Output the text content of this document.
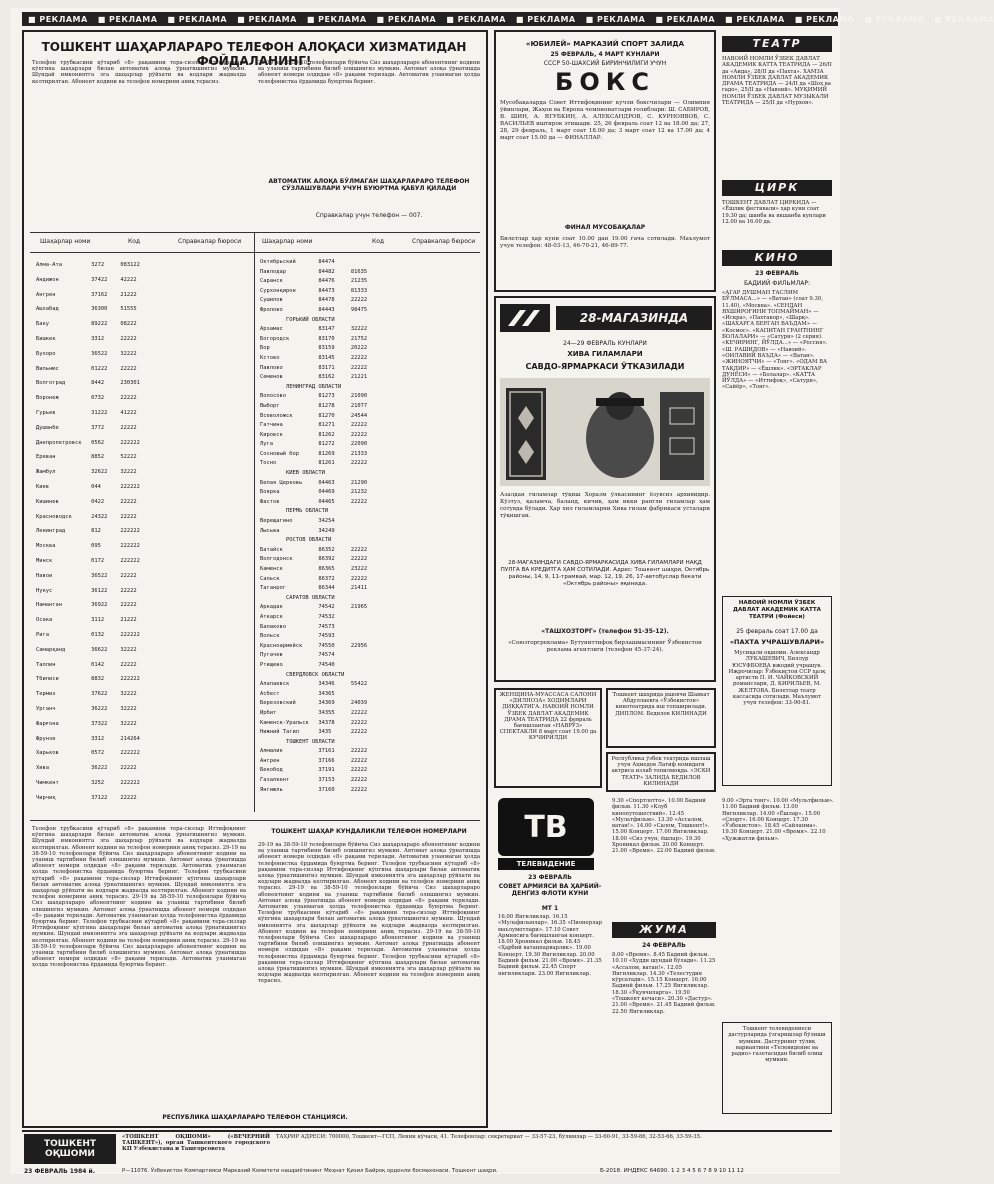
■ РЕКЛАМА ■ РЕКЛАМА ■ РЕКЛАМА ■ РЕКЛАМА ■ РЕКЛАМА ■ РЕКЛАМА ■ РЕКЛАМА ■ РЕКЛАМА ■ РЕКЛАМА ■ РЕКЛАМА ■ РЕКЛАМА ■ РЕКЛАМА ■ РЕКЛАМА ■ РЕКЛАМА
ТОШКЕНТ ШАҲАРЛАРАРО ТЕЛЕФОН АЛОҚАСИ ХИЗМАТИДАН ФОЙДАЛАНИНГ!
Телефон трубкасини кўтариб «8» рақамини тера-сизлар Иттифоқнинг кўпгина шаҳарлари билан автоматик алоқа ўрнатишингиз мумкин. Шундай имкониятга эга шаҳарлар рўйхати ва кодлари жадвалда келтирилган. Абонент кодини ва телефон номерини аниқ терасиз.
29-19 ва 38-59-10 телефонлари бўйича Сиз шаҳарлараро абонентнинг кодини ва уланиш тартибини билиб олишингиз мумкин. Автомат алоқа ўрнатишда абонент номери олдидан «8» рақами терилади. Автоматик уланмаган ҳолда телефонистка ёрдамида буюртма беринг.
АВТОМАТИК АЛОҚА БЎЛМАГАН ШАҲАРЛАРАРО ТЕЛЕФОН СЎЗЛАШУВЛАРИ УЧУН БУЮРТМА ҚАБУЛ ҚИЛАДИ
Справкалар учун телефон — 007.
Шаҳарлар номи	Код	Справкалар бюроси	Шаҳарлар номи	Код	Справкалар бюроси
Алма-Ата         3272     083122
Андижон          37422    42222
Ангрен           37162    21222
Ашхабад          36300    51555
Баку             89222    08222
Бишкек           3312     22222
Бухоро           36522    32222
Вильнюс          01222    22222
Волгоград        8442     230301
Воронеж          0732     22222
Гурьев           31222    41222
Душанбе          3772     22222
Днепропетровск   0562     222222
Ереван           8852     52222
Жамбул           32622    32222
Киев             044      222222
Кишинев          0422     22222
Красноводск      24322    22222
Ленинград        812      222222
Москва           095      222222
Минск            0172     222222
Навои            36522    22222
Нукус            36122    22222
Наманган         36922    22222
Осака            3112     21222
Рига             0132     222222
Самарқанд        36622    32222
Таллин           0142     22222
Тбилиси          8832     222222
Термиз           37622    32222
Урганч           36222    32222
Фарғона          37322    32222
Фрунзе           3312     214264
Харьков          0572     222222
Хива             36222    22222
Чимкент          3252     222222
Чирчиқ           37122    22222
Октябрьский       84474
Павлодар          84482     81635
Саранск           84476     21235
Сурхонқирон       84473     81333
Сушилов           84478     22222
Фролово           84443     98475
ГОРЬКИЙ ОБЛАСТИ
Арзамас           83147     32222
Богородск         83170     21752
Бор               83159     20222
Кстово            83145     22222
Павлово           83171     22222
Семенов           83162     21221
ЛЕНИНГРАД ОБЛАСТИ
Волосово          81273     21090
Выборг            81278     21077
Всеволожск        81270     24544
Гатчина           81271     22222
Кировск           81262     22222
Луга              81272     22090
Сосновый бор      81269     21333
Тосно             81261     22222
КИЕВ ОБЛАСТИ
Белая Церковь     04463     21290
Боярка            04469     21232
Фастов            04465     22222
ПЕРМЬ ОБЛАСТИ
Верещагино        34254
Лысьва            34249
РОСТОВ ОБЛАСТИ
Батайск           86352     22222
Волгодонск        86392     22222
Каменск           86365     23222
Сальск            86372     22222
Таганрог          86344     21411
САРАТОВ ОБЛАСТИ
Аркадак           74542     21965
Аткарск           74532
Балаково          74573
Вольск            74593
Красноармейск     74550     22956
Пугачев           74574
Ртищево           74540
СВЕРДЛОВСК ОБЛАСТИ
Алапаевск         34346     55422
Асбест            34365
Березовский       34369     24039
Ирбит             34355     22222
Каменск-Уральск   34378     22222
Нижний Тагил      3435      22222
ТОШКЕНТ ОБЛАСТИ
Алмалик           37161     22222
Ангрен            37166     22222
Бекобод           37191     22222
Газалкент         37153     22222
Янгиюль           37160     22222
Телефон трубкасини кўтариб «8» рақамини тера-сизлар Иттифоқнинг кўпгина шаҳарлари билан автоматик алоқа ўрнатишингиз мумкин. Шундай имкониятга эга шаҳарлар рўйхати ва кодлари жадвалда келтирилган. Абонент кодини ва телефон номерини аниқ терасиз. 29-19 ва 38-59-10 телефонлари бўйича Сиз шаҳарлараро абонентнинг кодини ва уланиш тартибини билиб олишингиз мумкин. Автомат алоқа ўрнатишда абонент номери олдидан «8» рақами терилади. Автоматик уланмаган ҳолда телефонистка ёрдамида буюртма беринг. Телефон трубкасини кўтариб «8» рақамини тера-сизлар Иттифоқнинг кўпгина шаҳарлари билан автоматик алоқа ўрнатишингиз мумкин. Шундай имкониятга эга шаҳарлар рўйхати ва кодлари жадвалда келтирилган. Абонент кодини ва телефон номерини аниқ терасиз. 29-19 ва 38-59-10 телефонлари бўйича Сиз шаҳарлараро абонентнинг кодини ва уланиш тартибини билиб олишингиз мумкин. Автомат алоқа ўрнатишда абонент номери олдидан «8» рақами терилади. Автоматик уланмаган ҳолда телефонистка ёрдамида буюртма беринг. Телефон трубкасини кўтариб «8» рақамини тера-сизлар Иттифоқнинг кўпгина шаҳарлари билан автоматик алоқа ўрнатишингиз мумкин. Шундай имкониятга эга шаҳарлар рўйхати ва кодлари жадвалда келтирилган. Абонент кодини ва телефон номерини аниқ терасиз. 29-19 ва 38-59-10 телефонлари бўйича Сиз шаҳарлараро абонентнинг кодини ва уланиш тартибини билиб олишингиз мумкин. Автомат алоқа ўрнатишда абонент номери олдидан «8» рақами терилади. Автоматик уланмаган ҳолда телефонистка ёрдамида буюртма беринг.
ТОШКЕНТ ШАҲАР КУНДАЛИКЛИ ТЕЛЕФОН НОМЕРЛАРИ
29-19 ва 38-59-10 телефонлари бўйича Сиз шаҳарлараро абонентнинг кодини ва уланиш тартибини билиб олишингиз мумкин. Автомат алоқа ўрнатишда абонент номери олдидан «8» рақами терилади. Автоматик уланмаган ҳолда телефонистка ёрдамида буюртма беринг. Телефон трубкасини кўтариб «8» рақамини тера-сизлар Иттифоқнинг кўпгина шаҳарлари билан автоматик алоқа ўрнатишингиз мумкин. Шундай имкониятга эга шаҳарлар рўйхати ва кодлари жадвалда келтирилган. Абонент кодини ва телефон номерини аниқ терасиз. 29-19 ва 38-59-10 телефонлари бўйича Сиз шаҳарлараро абонентнинг кодини ва уланиш тартибини билиб олишингиз мумкин. Автомат алоқа ўрнатишда абонент номери олдидан «8» рақами терилади. Автоматик уланмаган ҳолда телефонистка ёрдамида буюртма беринг. Телефон трубкасини кўтариб «8» рақамини тера-сизлар Иттифоқнинг кўпгина шаҳарлари билан автоматик алоқа ўрнатишингиз мумкин. Шундай имкониятга эга шаҳарлар рўйхати ва кодлари жадвалда келтирилган. Абонент кодини ва телефон номерини аниқ терасиз. 29-19 ва 38-59-10 телефонлари бўйича Сиз шаҳарлараро абонентнинг кодини ва уланиш тартибини билиб олишингиз мумкин. Автомат алоқа ўрнатишда абонент номери олдидан «8» рақами терилади. Автоматик уланмаган ҳолда телефонистка ёрдамида буюртма беринг. Телефон трубкасини кўтариб «8» рақамини тера-сизлар Иттифоқнинг кўпгина шаҳарлари билан автоматик алоқа ўрнатишингиз мумкин. Шундай имкониятга эга шаҳарлар рўйхати ва кодлари жадвалда келтирилган. Абонент кодини ва телефон номерини аниқ терасиз.
РЕСПУБЛИКА ШАҲАРЛАРАРО ТЕЛЕФОН СТАНЦИЯСИ.
«ЮБИЛЕЙ» МАРКАЗИЙ СПОРТ ЗАЛИДА
25 ФЕВРАЛЬ, 4 МАРТ КУНЛАРИ
СССР 50-ШАХСИЙ БИРИНЧИЛИГИ УЧУН
БОКС
Мусобақаларда Совет Иттифоқининг кучли боксчилари — Олимпия ўйинлари, Жаҳон ва Европа чемпионатлари ғолиблари: Ш. САБИРОВ, В. ШИН, А. ЯГУБКИН, А. АЛЕКСАНДРОВ, С. КУРНОЯВОВ, С. ВАСИЛЬЕВ иштирок этишади. 25, 26 февраль соат 12 ва 18.00 да; 27, 28, 29 февраль, 1 март соат 18.00 да; 3 март соат 12 ва 17.00 да; 4 март соат 15.00 да — ФИНАЛЛАР.
ФИНАЛ МУСОБАҚАЛАР
Билетлар ҳар куни соат 10.00 дан 19.00 гача сотилади. Маълумот учун телефон: 48-03-13, 46-70-21, 46-89-77.
28-МАГАЗИНДА
24—29 ФЕВРАЛЬ КУНЛАРИ
ХИВА ГИЛАМЛАРИ
САВДО-ЯРМАРКАСИ ЎТКАЗИЛАДИ
Азалдан гиламлар тўқиш Хоразм ўлкасининг ёзувсиз архивидир. Кўзтуз, қаламча, баланд, кичик, ҳам икки рангли гиламлар ҳам сотувда бўлади. Ҳар хил гиламларни Хива гилам фабрикаси усталари тўқишган.
28-МАГАЗИНДАГИ САВДО-ЯРМАРКАСИДА ХИВА ГИЛАМЛАРИ НАҚД ПУЛГА ВА КРЕДИТГА ҲАМ СОТИЛАДИ. Адрес: Тошкент шаҳри, Октябрь районы, 14, 9, 11-трамвай, мар. 12, 19, 26, 17-автобуслар бекати «Октябрь районы» яқинида.
«ТАШХОЗТОРГ» (телефон 91-35-12).
«Союзторгреклама» Бутуниттифоқ бирлашмасининг Ўзбекистон реклама агентлиги (телефон 45-37-24).
ЖЕНЩИНА-МУАССАСА САЛОНИ «ДИЛНОЗА» ХОДИМЛАРИ ДИҚҚАТИГА. НАВОИЙ НОМЛИ ЎЗБЕК ДАВЛАТ АКАДЕМИК ДРАМА ТЕАТРИДА 22 февраль бағишланган «НАВРЎЗ» СПЕКТАКЛИ 8 март соат 19.00 да КУЧИРИЛДИ
Тошкент шаҳрида яшовчи Шавкат Абдуллаевга «Ўзбекистон» кинотеатрида иш топширилади. ДИПЛОМ. Бедилов КИЛИНАДИ
Республика ўзбек театрида ишлаш учун Аҳмедов Латиф номидаги актриса излаб топилмоқда. «ЭСКИ ТЕАТР» ЗАЛИДА БЕДИЛОВ КИЛИНАДИ
ТВ
ТЕЛЕВИДЕНИЕ
23 ФЕВРАЛЬ
СОВЕТ АРМИЯСИ ВА ҲАРБИЙ-ДЕНГИЗ ФЛОТИ КУНИ
МТ 1
16.00 Янгиликлар. 16.15 «Мульфильмлар». 16.35 «Пионерлар маълумотлари». 17.10 Совет Армиясига бағишланган концерт. 18.00 Хроникал фильм. 18.45 «Ҳарбий ватанпарварлик». 19.00 Концерт. 19.30 Янгиликлар. 20.00 Бадиий фильм. 21.00 «Время». 21.35 Бадиий фильм. 22.45 Спорт янгиликлари. 23.00 Янгиликлар.
9.30 «Спортлотто». 10.00 Бадиий фильм. 11.30 «Клуб кинопутешествий». 12.45 «Мультфильм». 13.30 «Ассалом, ватан!». 14.00 «Салом, Тошкент!». 15.00 Концерт. 17.00 Янгиликлар. 18.00 «Сиз учун, ёшлар». 19.30 Хроникал фильм. 20.00 Концерт. 21.00 «Время». 22.00 Бадиий фильм.
ЖУМА
24 ФЕВРАЛЬ
8.00 «Время». 8.45 Бадиий фильм. 10.10 «Худди шундай бўлади». 11.25 «Ассалом, ватан!». 12.05 Янгиликлар. 14.30 «Телестудия кўрсатади». 15.15 Концерт. 16.00 Бадиий фильм. 17.25 Янгиликлар. 18.30 «Ўқувчиларга». 19.50 «Тошкент кечаси». 20.30 «Дастур». 21.00 «Время». 21.45 Бадиий фильм. 22.50 Янгиликлар.
9.00 «Эрта тонг». 10.00 «Мультфильм». 11.00 Бадиий фильм. 13.00 Янгиликлар. 14.00 «Ёшлар». 15.00 «Спорт». 16.00 Концерт. 17.30 «Ўзбекистон». 18.45 «Сайланма». 19.30 Концерт. 21.00 «Время». 22.10 «Ҳужжатли фильм».
ТЕАТР
НАВОИЙ НОМЛИ ЎЗБЕК ДАВЛАТ АКАДЕМИК КАТТА ТЕАТРИДА — 26/II да «Аида», 28/II да «Пахта». ХАМЗА НОМЛИ ЎЗБЕК ДАВЛАТ АКАДЕМИК ДРАМА ТЕАТРИДА — 24/II да «Шоҳ ва гадо», 25/II да «Навоий». МУҚИМИЙ НОМЛИ ЎЗБЕК ДАВЛАТ МУЗЫКАЛИ ТЕАТРИДА — 25/II да «Нурхон».
ЦИРК
ТОШКЕНТ ДАВЛАТ ЦИРКИДА — «Ёшлик фестивали» ҳар куни соат 19.30 да; шанба ва якшанба кунлари 12.00 ва 16.00 да.
КИНО
23 ФЕВРАЛЬ
БАДИИЙ ФИЛЬМЛАР:
«АГАР ДУШМАН ТАСЛИМ БЎЛМАСА...» — «Ватан» (соат 9.30, 11.40), «Москва». «СЕНДАН ЯХШИРОҒИНИ ТОПМАЙМАН» — «Искра», «Пахтакор», «Шарқ». «ШАХАРГА БЕРГАН ВАЪДАМ» — «Космос». «КАПИТАН ГРАНТНИНГ БОЛАЛАРИ» — «Сатурн» (2 серия). «КЕЧИРИНГ, ЙЎЛДА...» — «Россия». «Ш. РАШИДОВ» — «Навоий». «ОИЛАВИЙ ВАЪДА» — «Ватан». «ЖИНОЯТЧИ» — «Тонг». «ОДАМ ВА ТАҚДИР» — «Ёшлик». «ЭРТАКЛАР ДУНЁСИ» — «Болалар». «КАТТА ЙЎЛДА» — «Иттифоқ», «Сатурн», «Сайёр», «Тонг».
НАВОИЙ НОМЛИ ЎЗБЕК ДАВЛАТ АКАДЕМИК КАТТА ТЕАТРИ (Фойеси)
25 февраль соат 17.00 да
«ПАХТА УЧРАШУВЛАРИ»
Мусиқали оқшоми. Александр ЛУКАШЕВИЧ, Биллур ЮСУФБОЕВА ижодий учрашув. Ижрочилар: Ўзбекистон ССР халқ артисти П. И. ЧАЙКОВСКИЙ романслари, Д. КИРИЛЬЕВ, М. ЖЕЛТОВА. Билетлар театр кассасида сотилади. Маълумот учун телефон: 33-90-81.
Тошкент телевидениеси дастурларида ўзгаришлар бўлиши мумкин. Дастурнинг тўлиқ вариантини «Телевидение ва радио» газетасидан билиб олиш мумкин.
ТОШКЕНТ ОҚШОМИ
«ТОШКЕНТ ОҚШОМИ» («ВЕЧЕРНИЙ ТАШКЕНТ»), орган Ташкентского городского КП Узбекистана и Ташгорсовета
ТАҲРИР АДРЕСИ: 700000, Тошкент—ГСП, Ленин кўчаси, 41. Телефонлар: секретариат — 33-57-23, бўлимлар — 33-60-91, 33-59-86, 32-53-66, 33-59-35.
23 ФЕВРАЛЬ 1984 й.	Р—11076. Ўзбекистон Компартияси Марказий Комитети нашриётининг Меҳнат Қизил Байроқ орденли босмахонаси. Тошкент шаҳри.	Б-2018. ИНДЕКС 64690. 1 2 3 4 5 6 7 8 9 10 11 12
